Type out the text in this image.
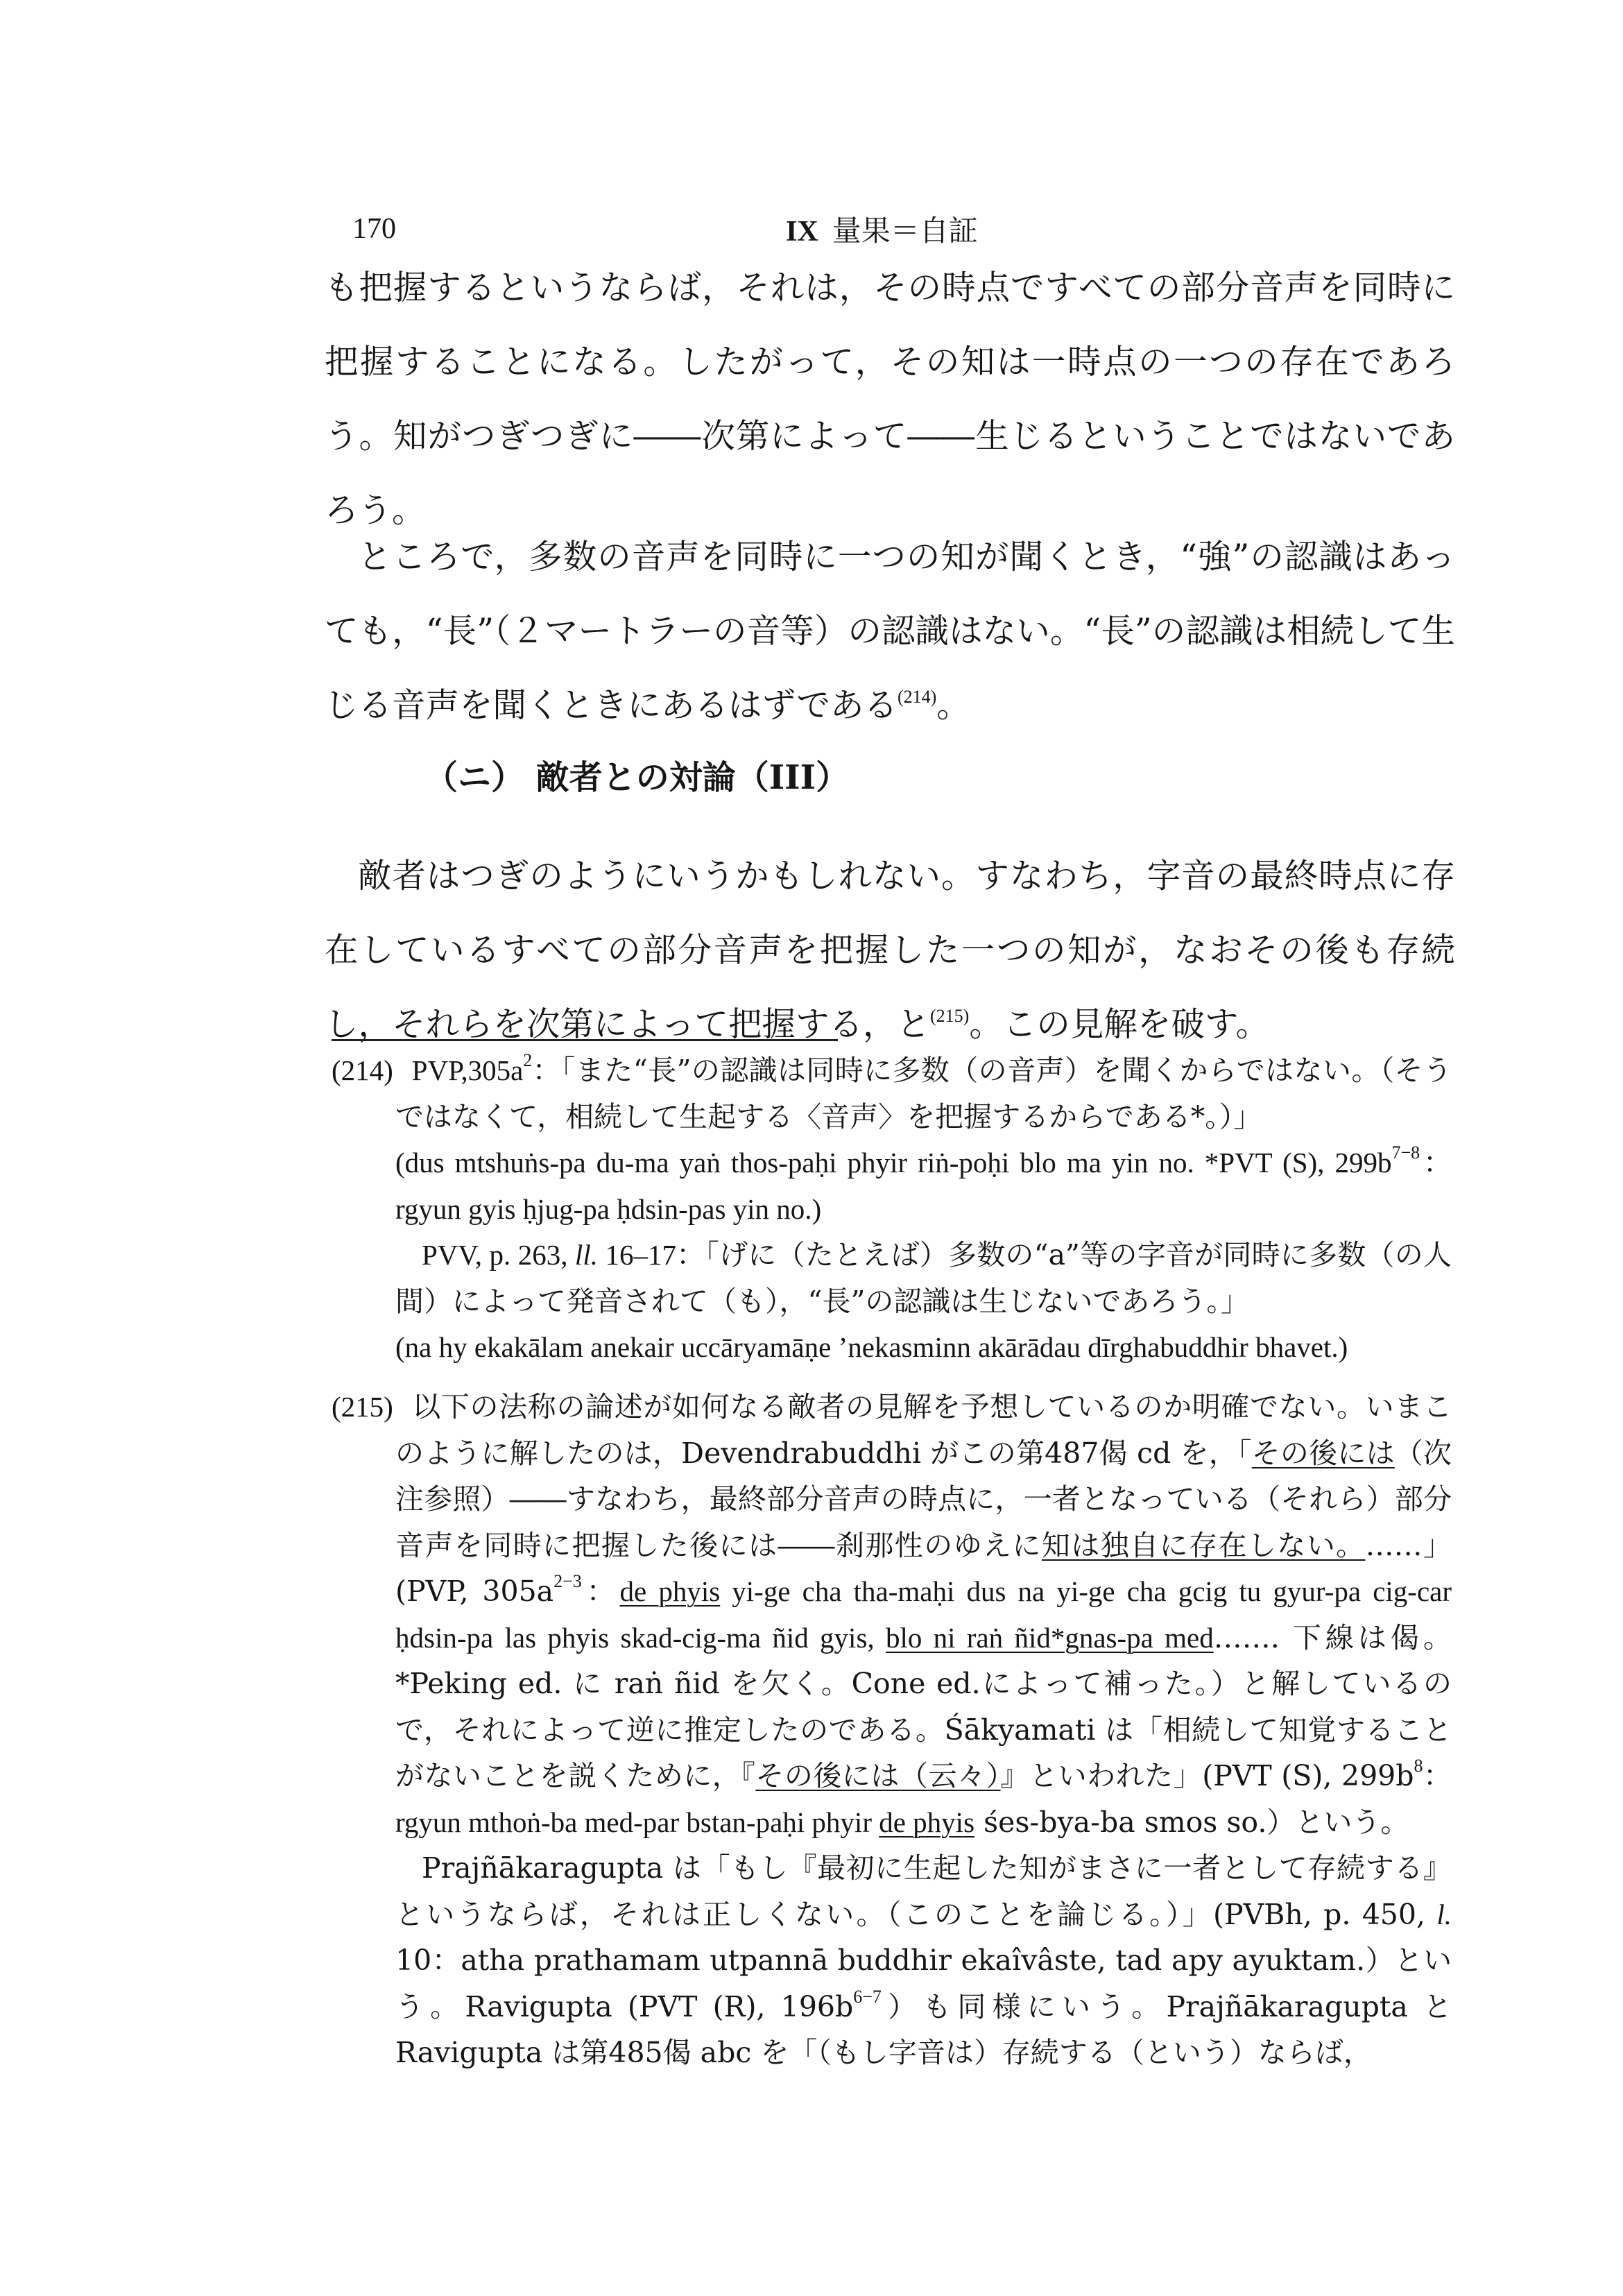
170	IX 量果＝自証

も把握するというならば，それは，その時点ですべての部分音声を同時に把握することになる。したがって，その知は一時点の一つの存在であろう。知がつぎつぎに――次第によって――生じるということではないであろう。

ところで，多数の音声を同時に一つの知が聞くとき，“強”の認識はあっても，“長”（２マートラーの音等）の認識はない。“長”の認識は相続して生じる音声を聞くときにあるはずである$^{(214)}$。

（ニ） 敵者との対論（III）

敵者はつぎのようにいうかもしれない。すなわち，字音の最終時点に存在しているすべての部分音声を把握した一つの知が，なおその後も存続し，それらを次第によって把握する，と$^{(215)}$。この見解を破す。

(214) $PVP,305a^2$：「また“長”の認識は同時に多数（の音声）を聞くからではない。（そうではなくて，相続して生起する〈音声〉を把握するからである*。）」
(dus mtshuṅs-pa du-ma yaṅ thos-paḥi phyir riṅ-poḥi blo ma yin no. *PVT (S), $299b^{7-8}$：rgyun gyis ḥjug-pa ḥdsin-pas yin no.)

PVV, p. 263, ll. 16–17：「げに（たとえば）多数の“a”等の字音が同時に多数（の人間）によって発音されて（も），“長”の認識は生じないであろう。」
(na hy ekakālam anekair uccāryamāṇe ’nekasminn akārādau dīrghabuddhir bhavet.)

(215) 以下の法称の論述が如何なる敵者の見解を予想しているのか明確でない。いまこのように解したのは，Devendrabuddhi がこの第487偈 cd を，「その後には（次注参照）――すなわち，最終部分音声の時点に，一者となっている（それら）部分音声を同時に把握した後には――刹那性のゆえに知は独自に存在しない。……」(PVP, $305a^{2-3}$：de phyis yi-ge cha tha-maḥi dus na yi-ge cha gcig tu gyur-pa cig-car ḥdsin-pa las phyis skad-cig-ma ñid gyis, blo ni raṅ ñid*gnas-pa med……. 下線は偈。*Peking ed. に raṅ ñid を欠く。Cone ed.によって補った。）と解しているので，それによって逆に推定したのである。Śākyamati は「相続して知覚することがないことを説くために，『その後には（云々）』といわれた」(PVT (S), $299b^8$：rgyun mthoṅ-ba med-par bstan-paḥi phyir de phyis śes-bya-ba smos so.）という。

Prajñākaragupta は「もし『最初に生起した知がまさに一者として存続する』というならば，それは正しくない。（このことを論じる。）」(PVBh, p. 450, l. 10：atha prathamam utpannā buddhir ekaîvâste, tad apy ayuktam.）という。Ravigupta (PVT (R), $196b^{6-7}$）も同様にいう。Prajñākaragupta と Ravigupta は第485偈 abc を「（もし字音は）存続する（という）ならば，
